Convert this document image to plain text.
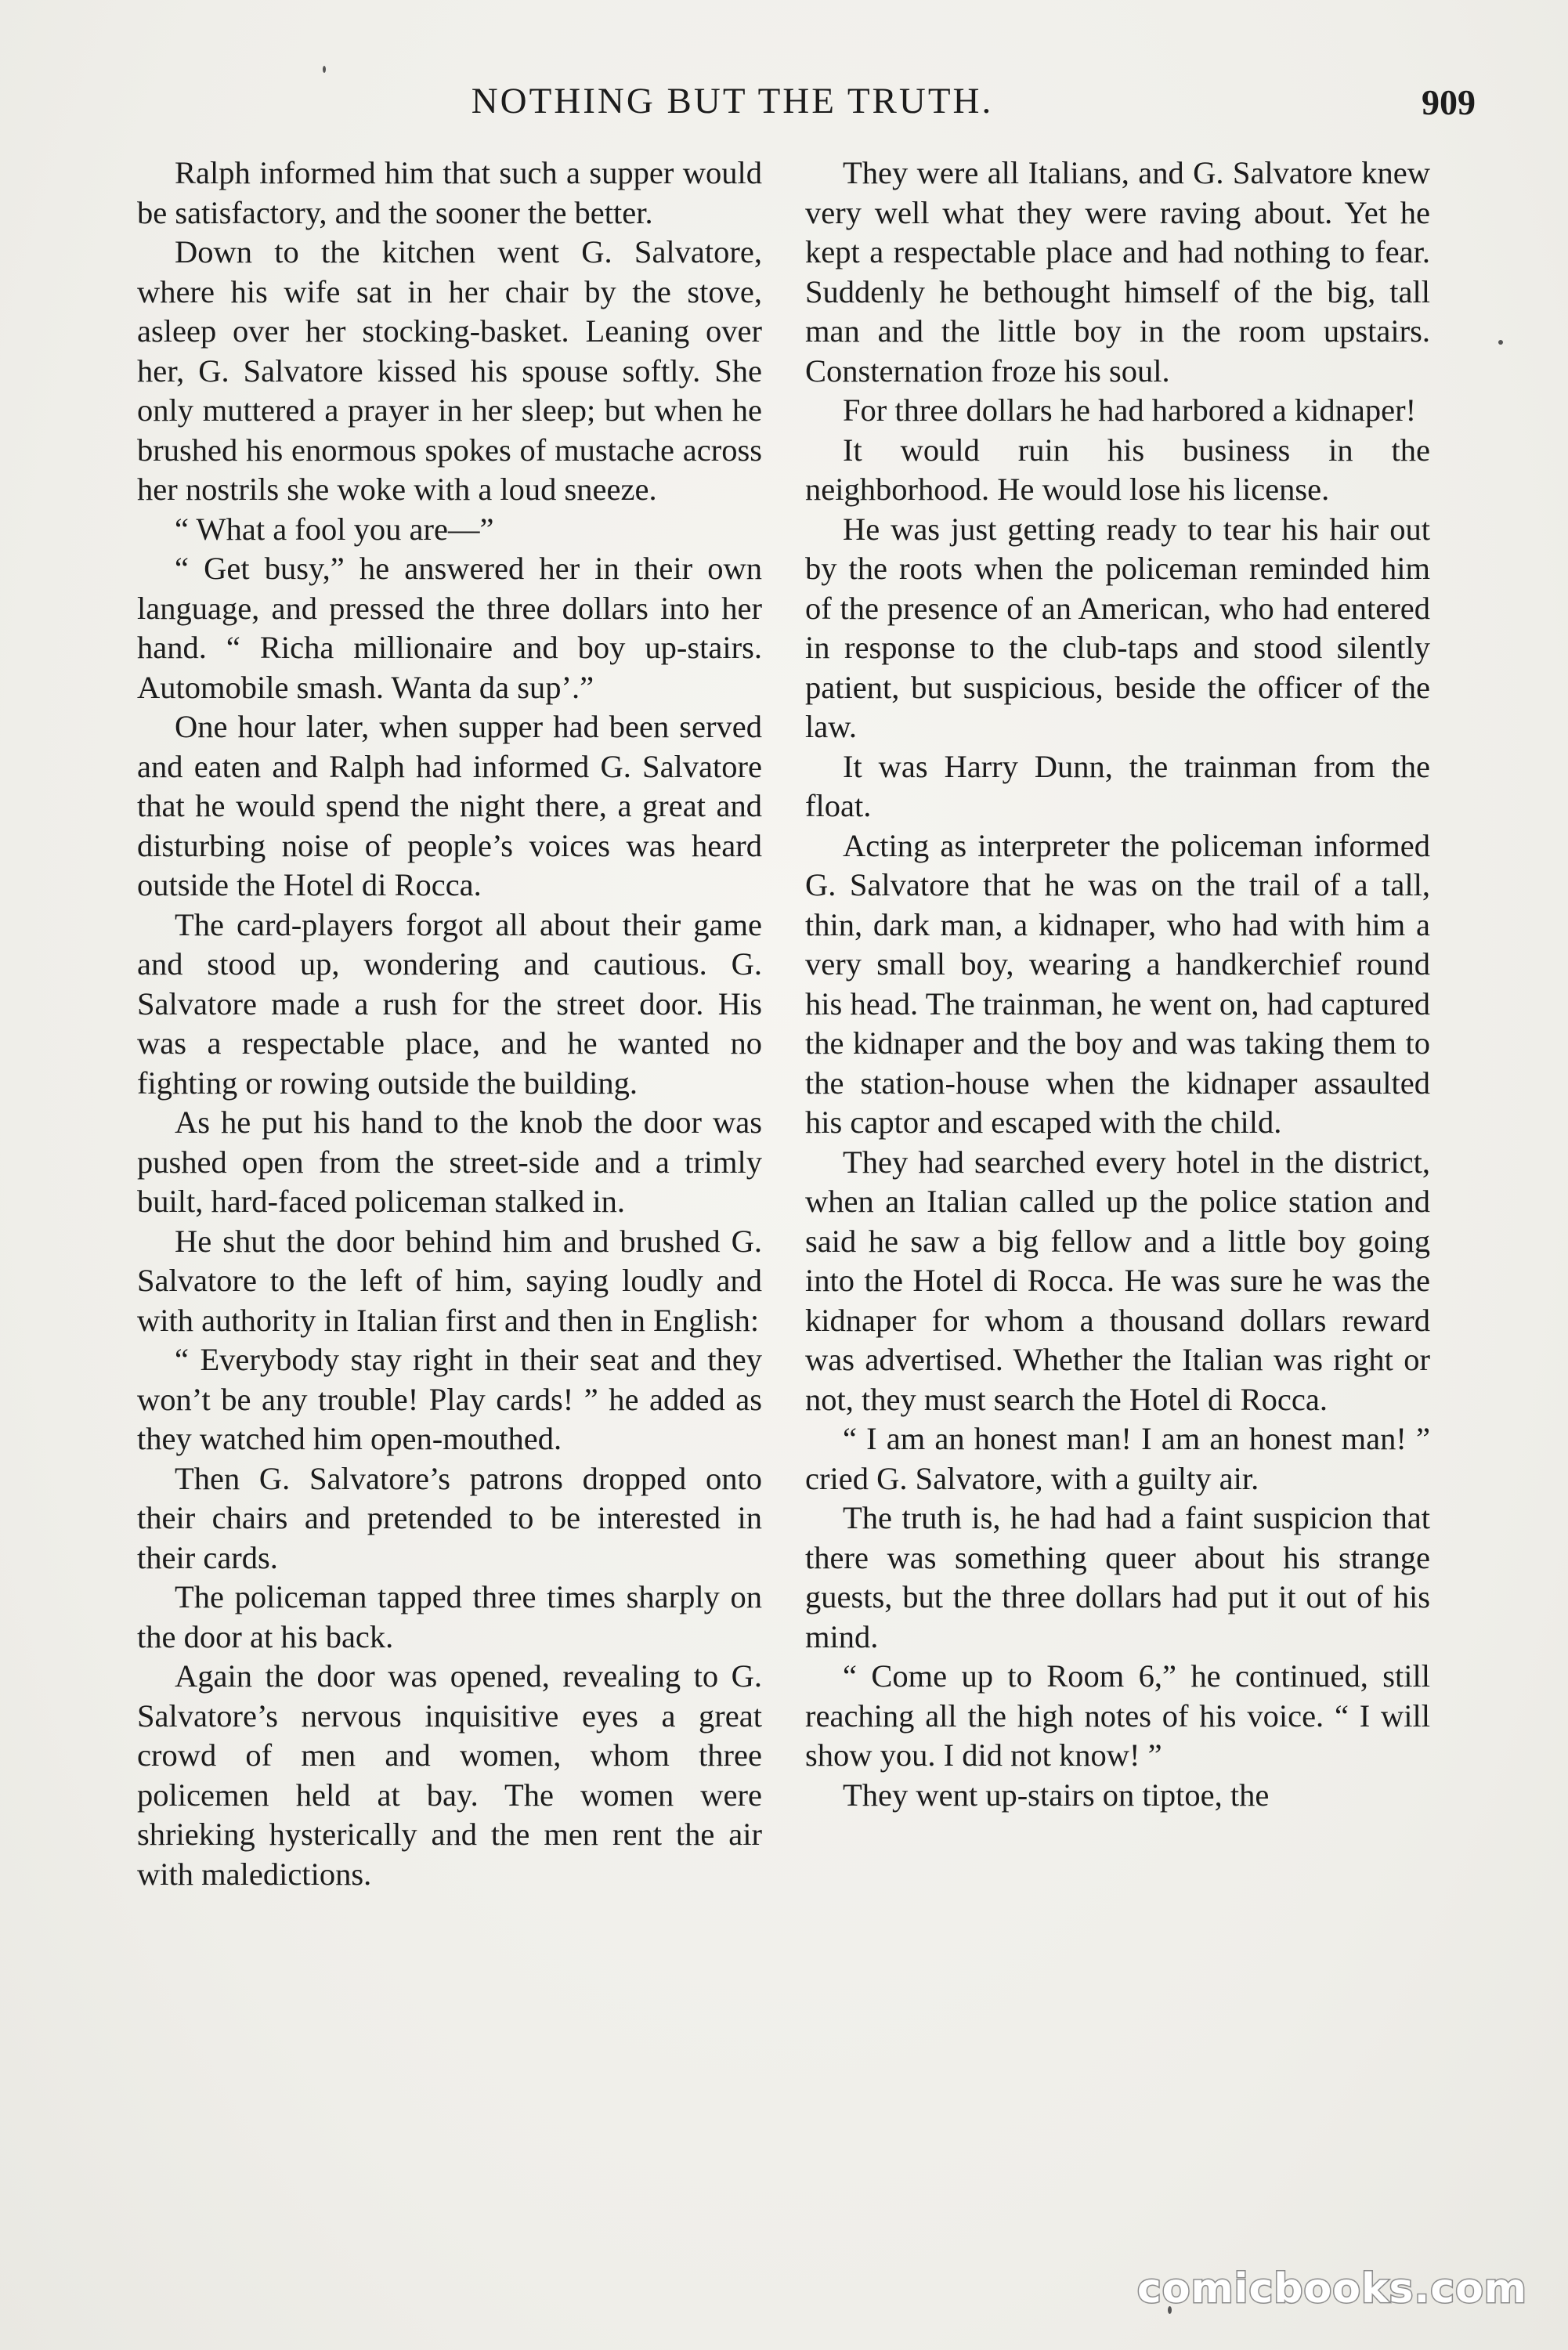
NOTHING BUT THE TRUTH.	909

Ralph informed him that such a supper would be satisfactory, and the sooner the better.

Down to the kitchen went G. Salvatore, where his wife sat in her chair by the stove, asleep over her stocking-basket. Leaning over her, G. Salvatore kissed his spouse softly. She only muttered a prayer in her sleep; but when he brushed his enormous spokes of mustache across her nostrils she woke with a loud sneeze.

“ What a fool you are—”

“ Get busy,” he answered her in their own language, and pressed the three dollars into her hand. “ Richa millionaire and boy up-stairs. Automobile smash. Wanta da sup’.”

One hour later, when supper had been served and eaten and Ralph had informed G. Salvatore that he would spend the night there, a great and disturbing noise of people’s voices was heard outside the Hotel di Rocca.

The card-players forgot all about their game and stood up, wondering and cautious. G. Salvatore made a rush for the street door. His was a respectable place, and he wanted no fighting or rowing outside the building.

As he put his hand to the knob the door was pushed open from the street-side and a trimly built, hard-faced policeman stalked in.

He shut the door behind him and brushed G. Salvatore to the left of him, saying loudly and with authority in Italian first and then in English:

“ Everybody stay right in their seat and they won’t be any trouble! Play cards! ” he added as they watched him open-mouthed.

Then G. Salvatore’s patrons dropped onto their chairs and pretended to be interested in their cards.

The policeman tapped three times sharply on the door at his back.

Again the door was opened, revealing to G. Salvatore’s nervous inquisitive eyes a great crowd of men and women, whom three policemen held at bay. The women were shrieking hysterically and the men rent the air with maledictions.

They were all Italians, and G. Salvatore knew very well what they were raving about. Yet he kept a respectable place and had nothing to fear. Suddenly he bethought himself of the big, tall man and the little boy in the room upstairs. Consternation froze his soul.

For three dollars he had harbored a kidnaper!

It would ruin his business in the neighborhood. He would lose his license.

He was just getting ready to tear his hair out by the roots when the policeman reminded him of the presence of an American, who had entered in response to the club-taps and stood silently patient, but suspicious, beside the officer of the law.

It was Harry Dunn, the trainman from the float.

Acting as interpreter the policeman informed G. Salvatore that he was on the trail of a tall, thin, dark man, a kidnaper, who had with him a very small boy, wearing a handkerchief round his head. The trainman, he went on, had captured the kidnaper and the boy and was taking them to the station-house when the kidnaper assaulted his captor and escaped with the child.

They had searched every hotel in the district, when an Italian called up the police station and said he saw a big fellow and a little boy going into the Hotel di Rocca. He was sure he was the kidnaper for whom a thousand dollars reward was advertised. Whether the Italian was right or not, they must search the Hotel di Rocca.

“ I am an honest man! I am an honest man! ” cried G. Salvatore, with a guilty air.

The truth is, he had had a faint suspicion that there was something queer about his strange guests, but the three dollars had put it out of his mind.

“ Come up to Room 6,” he continued, still reaching all the high notes of his voice. “ I will show you. I did not know! ”

They went up-stairs on tiptoe, the

comicbooks.com
